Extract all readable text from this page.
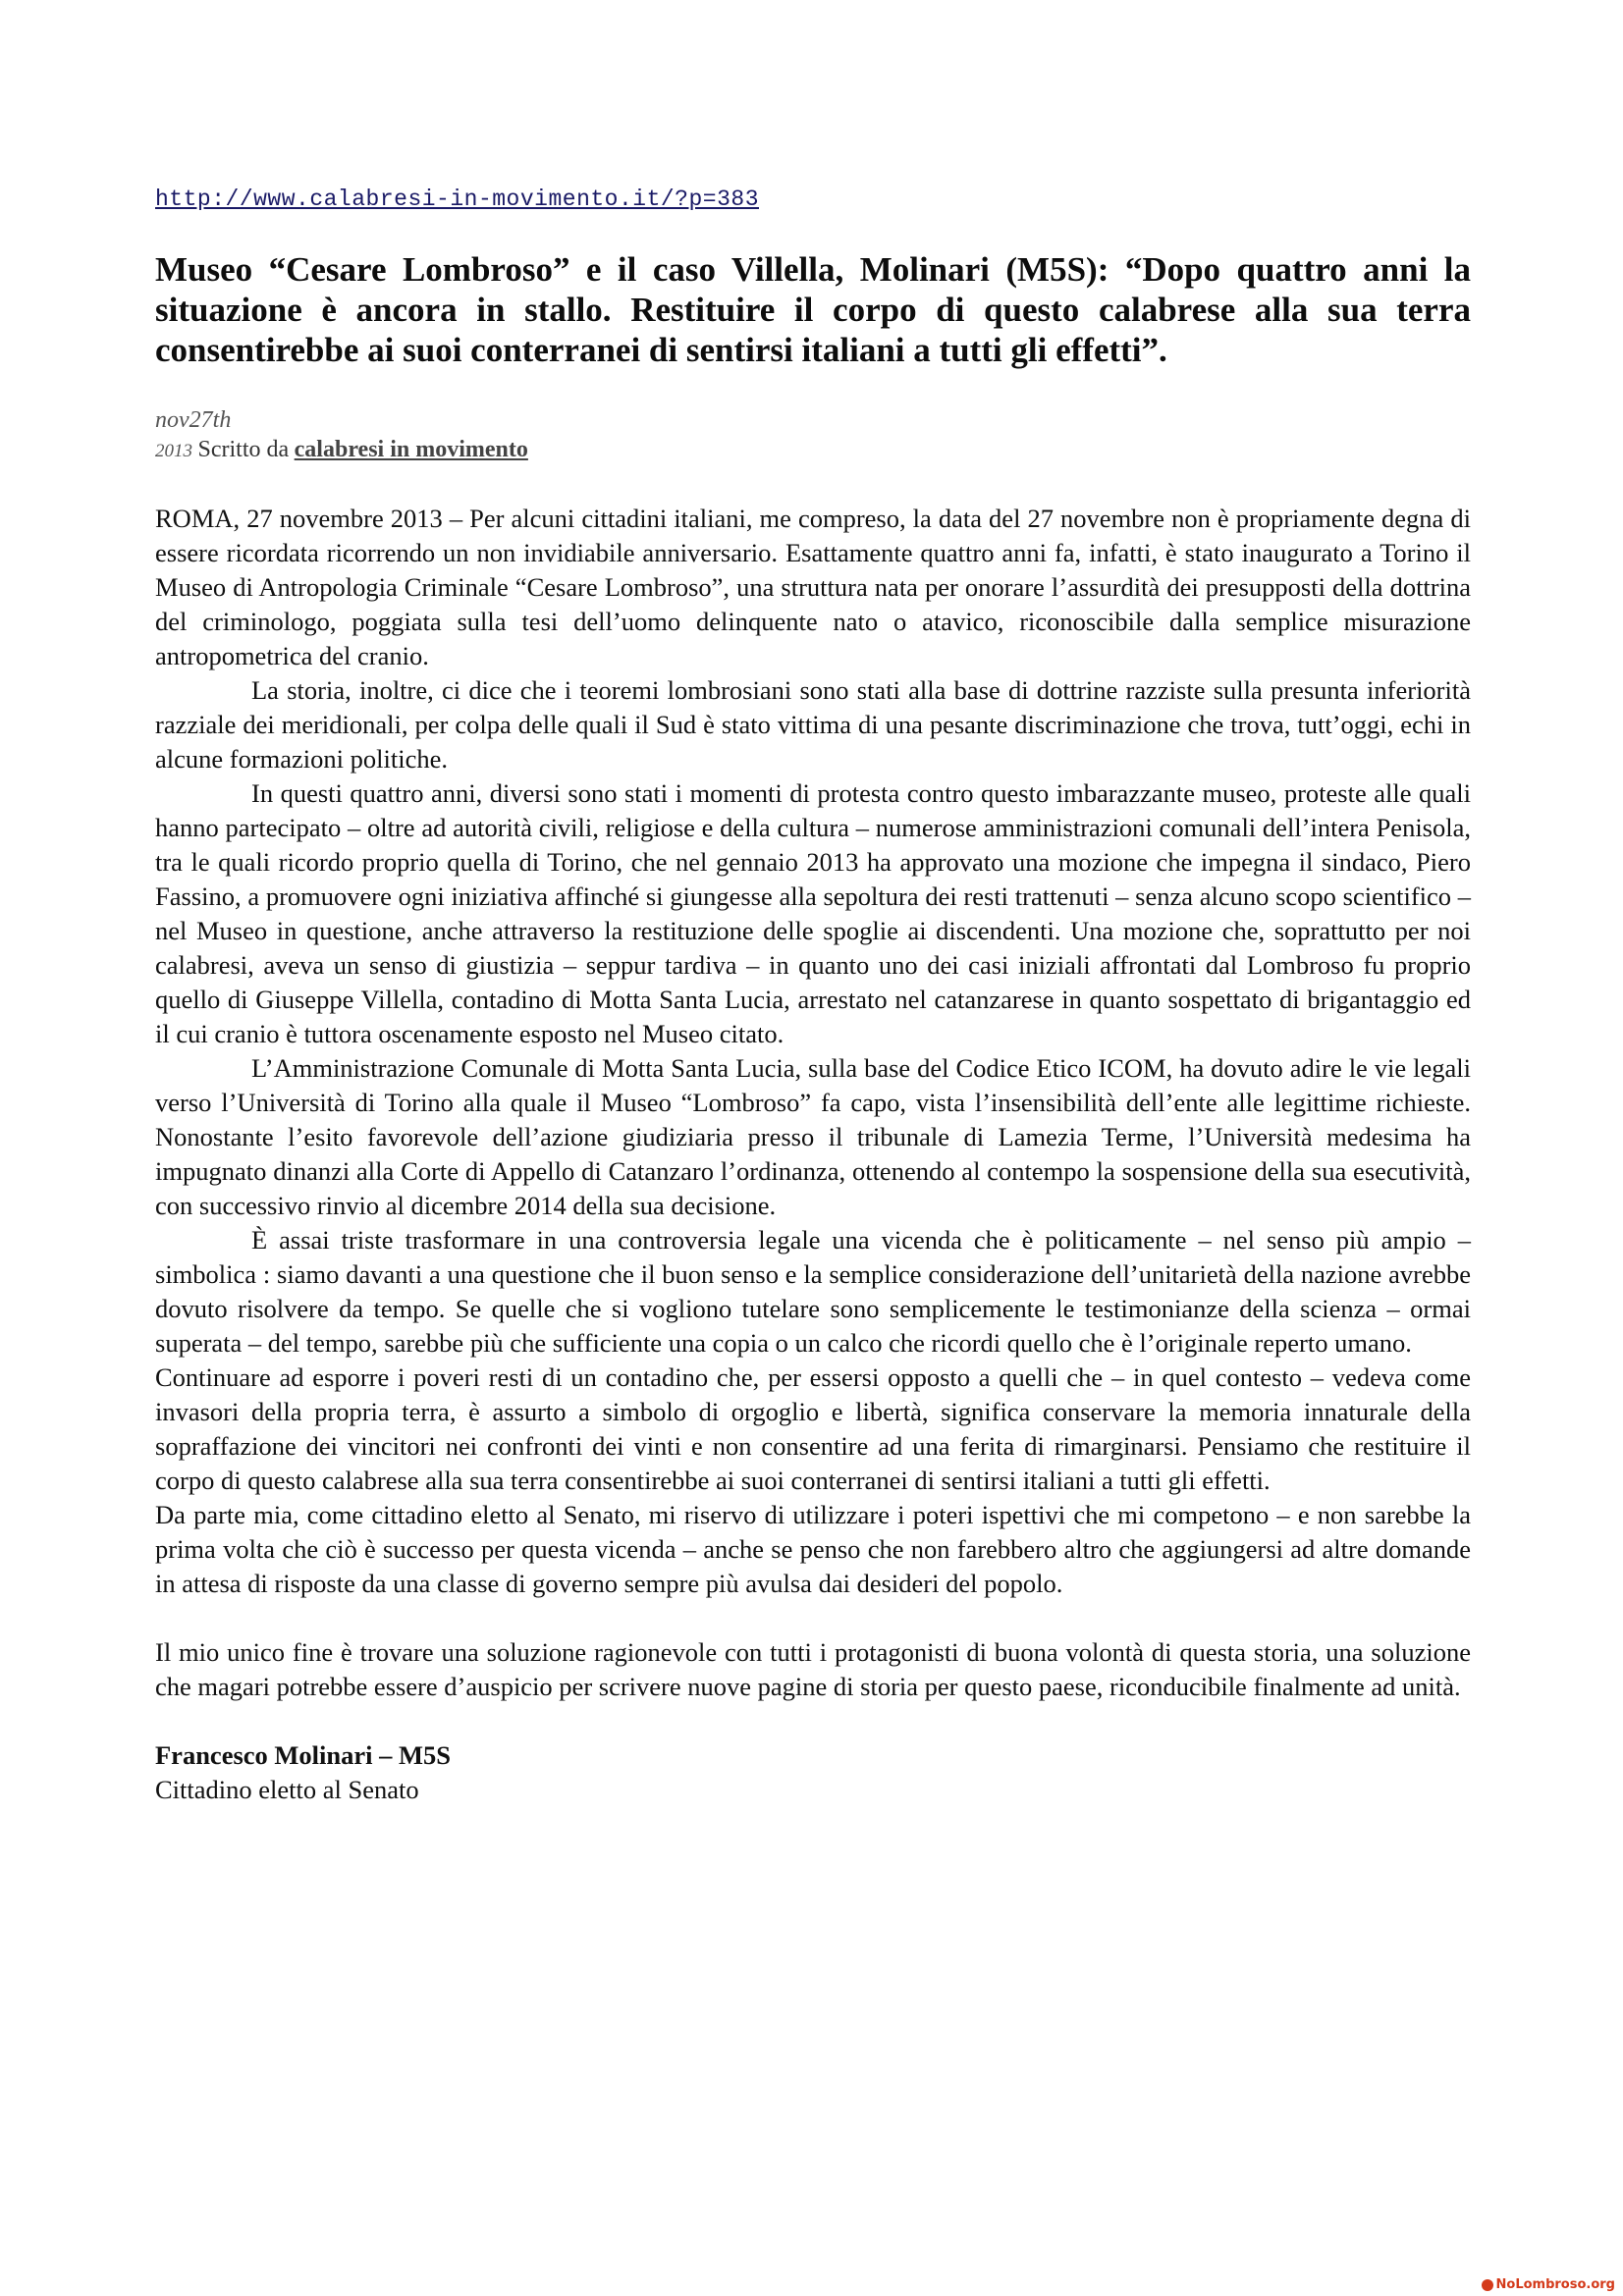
http://www.calabresi-in-movimento.it/?p=383
Museo “Cesare Lombroso” e il caso Villella, Molinari (M5S): “Dopo quattro anni la situazione è ancora in stallo. Restituire il corpo di questo calabrese alla sua terra consentirebbe ai suoi conterranei di sentirsi italiani a tutti gli effetti”.
nov27th
2013 Scritto da calabresi in movimento

ROMA, 27 novembre 2013 – Per alcuni cittadini italiani, me compreso, la data del 27 novembre non è propriamente degna di essere ricordata ricorrendo un non invidiabile anniversario. Esattamente quattro anni fa, infatti, è stato inaugurato a Torino il Museo di Antropologia Criminale “Cesare Lombroso”, una struttura nata per onorare l’assurdità dei presupposti della dottrina del criminologo, poggiata sulla tesi dell’uomo delinquente nato o atavico, riconoscibile dalla semplice misurazione antropometrica del cranio.

La storia, inoltre, ci dice che i teoremi lombrosiani sono stati alla base di dottrine razziste sulla presunta inferiorità razziale dei meridionali, per colpa delle quali il Sud è stato vittima di una pesante discriminazione che trova, tutt’oggi, echi in alcune formazioni politiche.

In questi quattro anni, diversi sono stati i momenti di protesta contro questo imbarazzante museo, proteste alle quali hanno partecipato – oltre ad autorità civili, religiose e della cultura – numerose amministrazioni comunali dell’intera Penisola, tra le quali ricordo proprio quella di Torino, che nel gennaio 2013 ha approvato una mozione che impegna il sindaco, Piero Fassino, a promuovere ogni iniziativa affinché si giungesse alla sepoltura dei resti trattenuti – senza alcuno scopo scientifico – nel Museo in questione, anche attraverso la restituzione delle spoglie ai discendenti. Una mozione che, soprattutto per noi calabresi, aveva un senso di giustizia – seppur tardiva – in quanto uno dei casi iniziali affrontati dal Lombroso fu proprio quello di Giuseppe Villella, contadino di Motta Santa Lucia, arrestato nel catanzarese in quanto sospettato di brigantaggio ed il cui cranio è tuttora oscenamente esposto nel Museo citato.

L’Amministrazione Comunale di Motta Santa Lucia, sulla base del Codice Etico ICOM, ha dovuto adire le vie legali verso l’Università di Torino alla quale il Museo “Lombroso” fa capo, vista l’insensibilità dell’ente alle legittime richieste. Nonostante l’esito favorevole dell’azione giudiziaria presso il tribunale di Lamezia Terme, l’Università medesima ha impugnato dinanzi alla Corte di Appello di Catanzaro l’ordinanza, ottenendo al contempo la sospensione della sua esecutività, con successivo rinvio al dicembre 2014 della sua decisione.

È assai triste trasformare in una controversia legale una vicenda che è politicamente – nel senso più ampio – simbolica : siamo davanti a una questione che il buon senso e la semplice considerazione dell’unitarietà della nazione avrebbe dovuto risolvere da tempo. Se quelle che si vogliono tutelare sono semplicemente le testimonianze della scienza – ormai superata – del tempo, sarebbe più che sufficiente una copia o un calco che ricordi quello che è l’originale reperto umano.

Continuare ad esporre i poveri resti di un contadino che, per essersi opposto a quelli che – in quel contesto – vedeva come invasori della propria terra, è assurto a simbolo di orgoglio e libertà, significa conservare la memoria innaturale della sopraffazione dei vincitori nei confronti dei vinti e non consentire ad una ferita di rimarginarsi. Pensiamo che restituire il corpo di questo calabrese alla sua terra consentirebbe ai suoi conterranei di sentirsi italiani a tutti gli effetti.

Da parte mia, come cittadino eletto al Senato, mi riservo di utilizzare i poteri ispettivi che mi competono – e non sarebbe la prima volta che ciò è successo per questa vicenda – anche se penso che non farebbero altro che aggiungersi ad altre domande in attesa di risposte da una classe di governo sempre più avulsa dai desideri del popolo.

Il mio unico fine è trovare una soluzione ragionevole con tutti i protagonisti di buona volontà di questa storia, una soluzione che magari potrebbe essere d’auspicio per scrivere nuove pagine di storia per questo paese, riconducibile finalmente ad unità.

Francesco Molinari – M5S
Cittadino eletto al Senato
NoLombroso.org
